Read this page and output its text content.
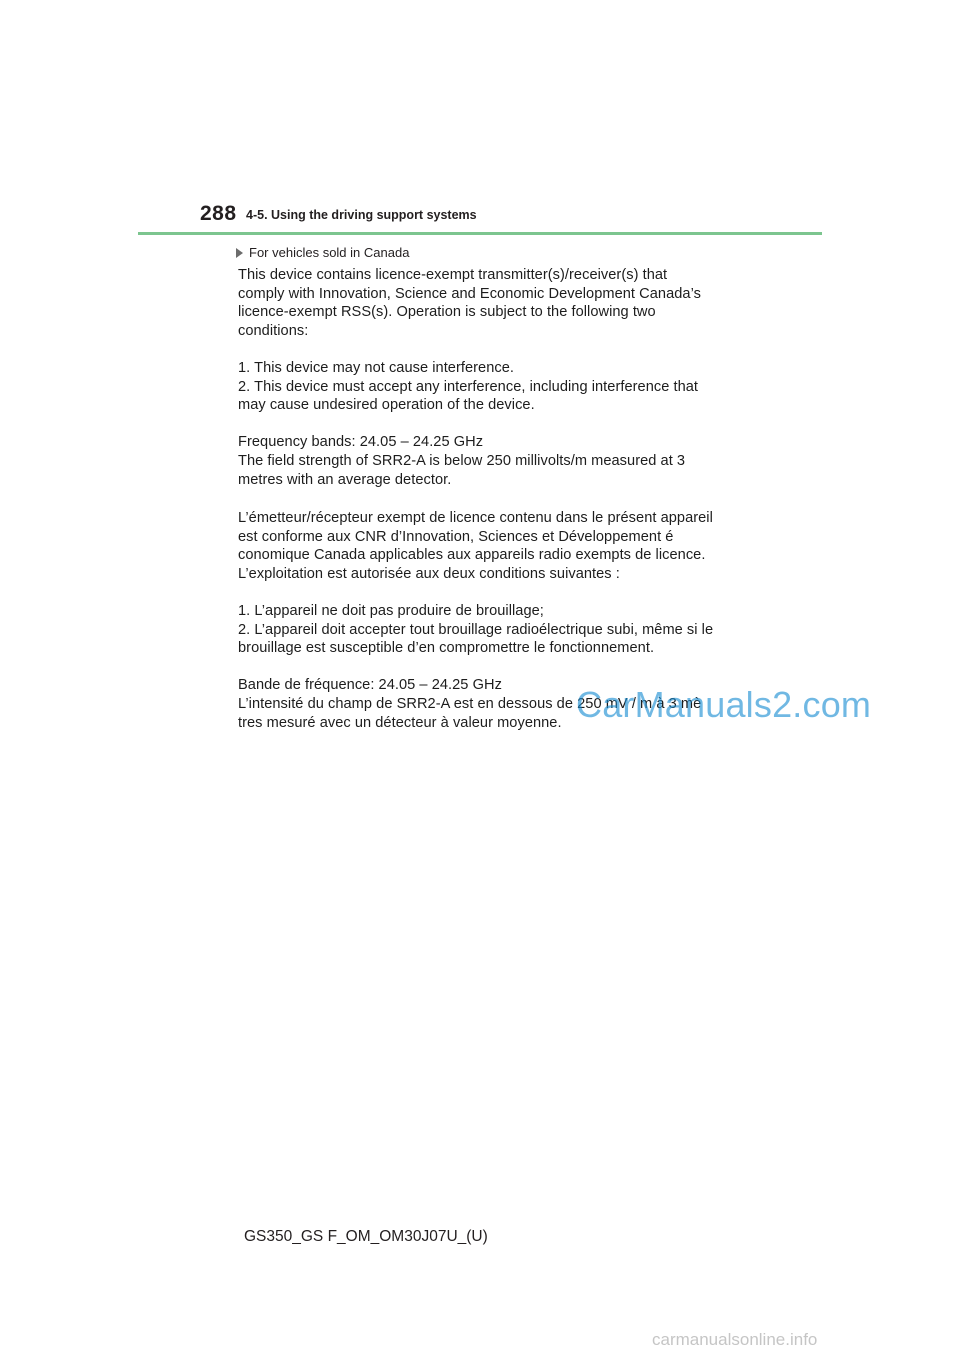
288 4-5. Using the driving support systems
For vehicles sold in Canada
This device contains licence-exempt transmitter(s)/receiver(s) that
comply with Innovation, Science and Economic Development Canada’s
licence-exempt RSS(s). Operation is subject to the following two
conditions:
1. This device may not cause interference.
2. This device must accept any interference, including interference that
may cause undesired operation of the device.
Frequency bands: 24.05 – 24.25 GHz
The field strength of SRR2-A is below 250 millivolts/m measured at 3
metres with an average detector.
L’émetteur/récepteur exempt de licence contenu dans le présent appareil
est conforme aux CNR d’Innovation, Sciences et Développement é
conomique Canada applicables aux appareils radio exempts de licence.
L’exploitation est autorisée aux deux conditions suivantes :
1. L’appareil ne doit pas produire de brouillage;
2. L’appareil doit accepter tout brouillage radioélectrique subi, même si le
brouillage est susceptible d’en compromettre le fonctionnement.
Bande de fréquence: 24.05 – 24.25 GHz
L’intensité du champ de SRR2-A est en dessous de 250 mV / m à 3 mè
tres mesuré avec un détecteur à valeur moyenne. CarManuals2.com
GS350_GS F_OM_OM30J07U_(U)
carmanualsonline.info
